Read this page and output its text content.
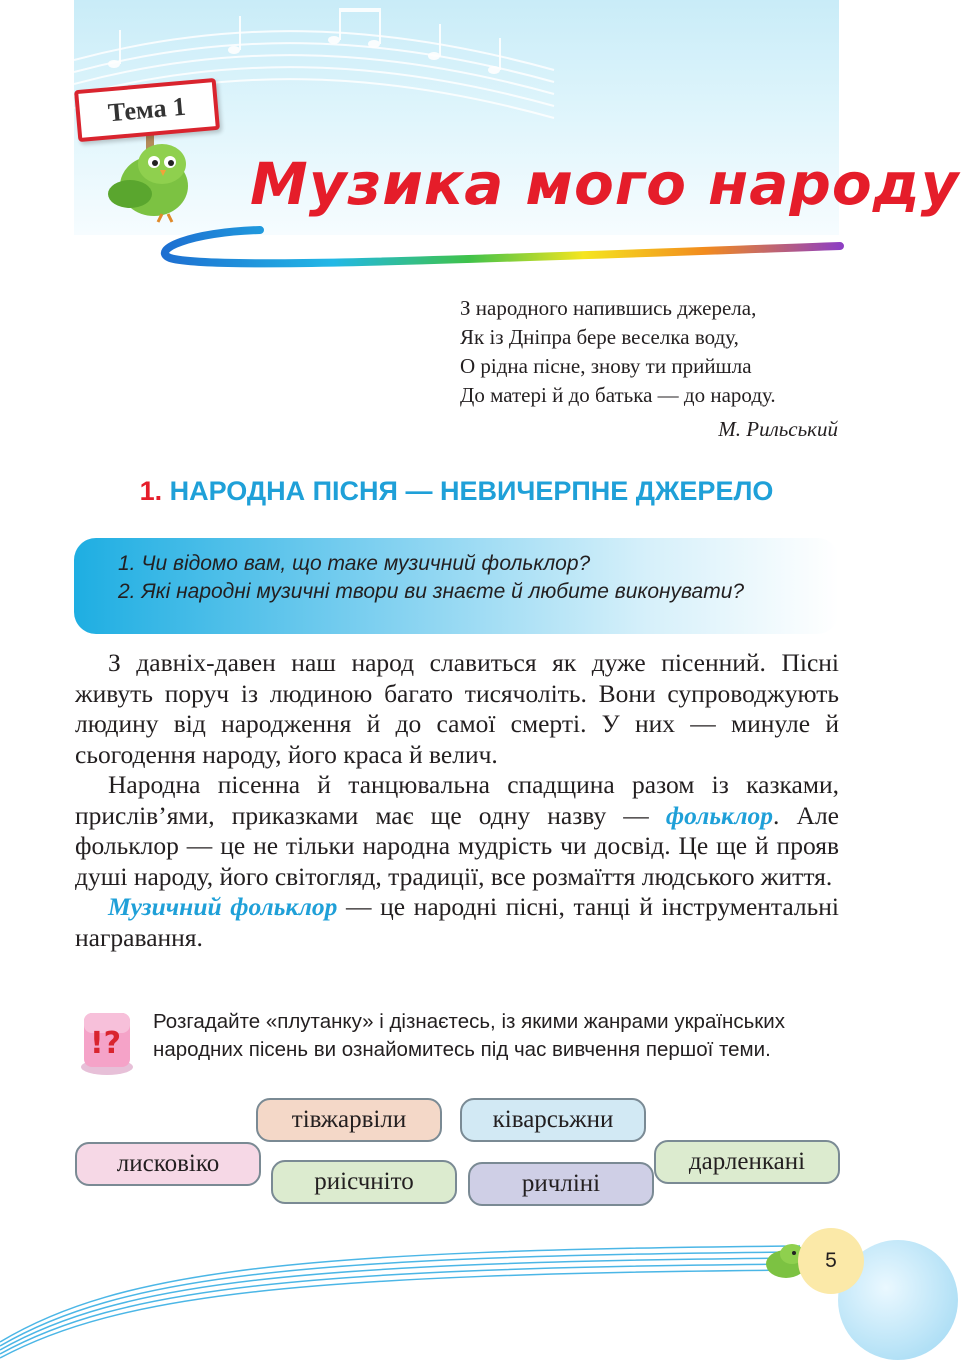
Тема 1
Музика мого народу
З народного напившись джерела,
Як із Дніпра бере веселка воду,
О рідна пісне, знову ти прийшла
До матері й до батька — до народу.
М. Рильський
1. НАРОДНА ПІСНЯ — НЕВИЧЕРПНЕ ДЖЕРЕЛО
1. Чи відомо вам, що таке музичний фольклор?
2. Які народні музичні твори ви знаєте й любите виконувати?

З давніх-давен наш народ славиться як дуже пісенний. Пісні живуть поруч із людиною багато тисячоліть. Вони супроводжують людину від народження й до самої смерті. У них — минуле й сьогодення народу, його краса й велич.

Народна пісенна й танцювальна спадщина разом із казками, прислів’ями, приказками має ще одну назву — фольклор. Але фольклор — це не тільки народна мудрість чи досвід. Це ще й прояв душі народу, його світогляд, традиції, все розмаїття людського життя.

Музичний фольклор — це народні пісні, танці й інструментальні награвання.

!?
Розгадайте «плутанку» і дізнаєтесь, із якими жанрами українських народних пісень ви ознайомитесь під час вивчення першої теми.
тівжарвіли	ківарсьжни
лисковіко
риісчніто	ричліні
дарленкані
5
